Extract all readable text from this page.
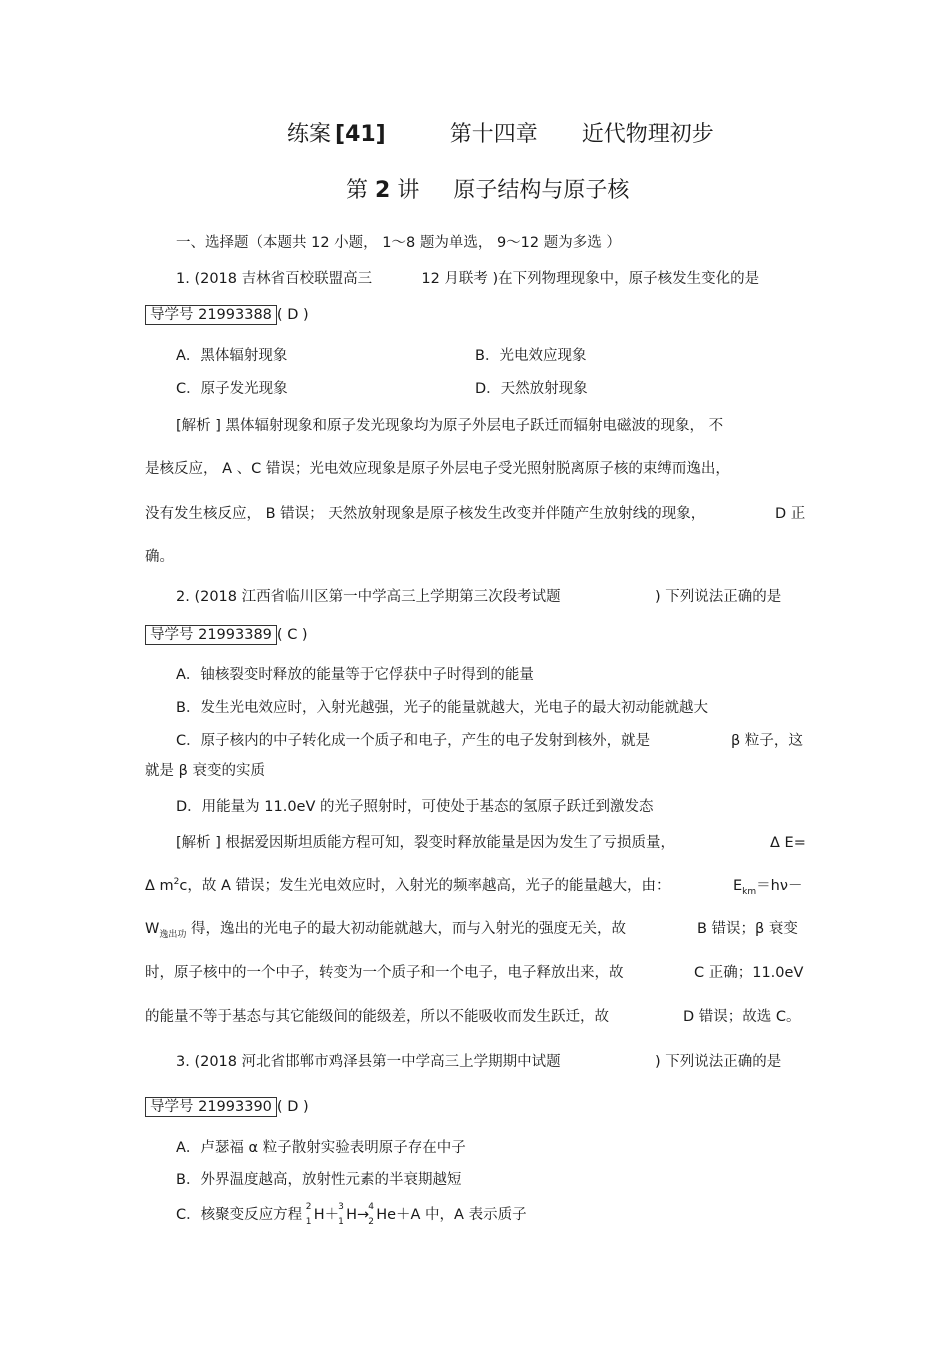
练案 [41]	第十四章 近代物理初步
第 2 讲 原子结构与原子核
一、选择题（本题共 12 小题， 1～8 题为单选， 9～12 题为多选 ）
1. (2018 吉林省百校联盟高三	12 月联考 )在下列物理现象中，原子核发生变化的是
导学号 21993388 ( D )
A．黑体辐射现象	B．光电效应现象
C．原子发光现象	D．天然放射现象
[解析 ] 黑体辐射现象和原子发光现象均为原子外层电子跃迁而辐射电磁波的现象， 不
是核反应， A 、C 错误；光电效应现象是原子外层电子受光照射脱离原子核的束缚而逸出，
没有发生核反应， B 错误； 天然放射现象是原子核发生改变并伴随产生放射线的现象，	D 正
确。
2. (2018 江西省临川区第一中学高三上学期第三次段考试题	) 下列说法正确的是
导学号 21993389 ( C )
A．铀核裂变时释放的能量等于它俘获中子时得到的能量
B．发生光电效应时，入射光越强，光子的能量就越大，光电子的最大初动能就越大
C．原子核内的中子转化成一个质子和电子，产生的电子发射到核外，就是	β 粒子，这
就是 β 衰变的实质
D．用能量为 11.0eV 的光子照射时，可使处于基态的氢原子跃迁到激发态
[解析 ] 根据爱因斯坦质能方程可知，裂变时释放能量是因为发生了亏损质量，	Δ E=
Δ $m^2c$，故 A 错误；发生光电效应时，入射光的频率越高，光子的能量越大，由：	$E_{km}=h\nu-$
$W_{逸出功}$ 得，逸出的光电子的最大初动能就越大，而与入射光的强度无关，故	B 错误；β 衰变
时，原子核中的一个中子，转变为一个质子和一个电子，电子释放出来，故	C 正确；11.0eV
的能量不等于基态与其它能级间的能级差，所以不能吸收而发生跃迁，故	D 错误；故选 C。
3. (2018 河北省邯郸市鸡泽县第一中学高三上学期期中试题	) 下列说法正确的是
导学号 21993390 ( D )
A．卢瑟福 α 粒子散射实验表明原子存在中子
B．外界温度越高，放射性元素的半衰期越短
C．核聚变反应方程 2
1 H＋ 3
1 H→ 4
2 He＋A 中，A 表示质子
